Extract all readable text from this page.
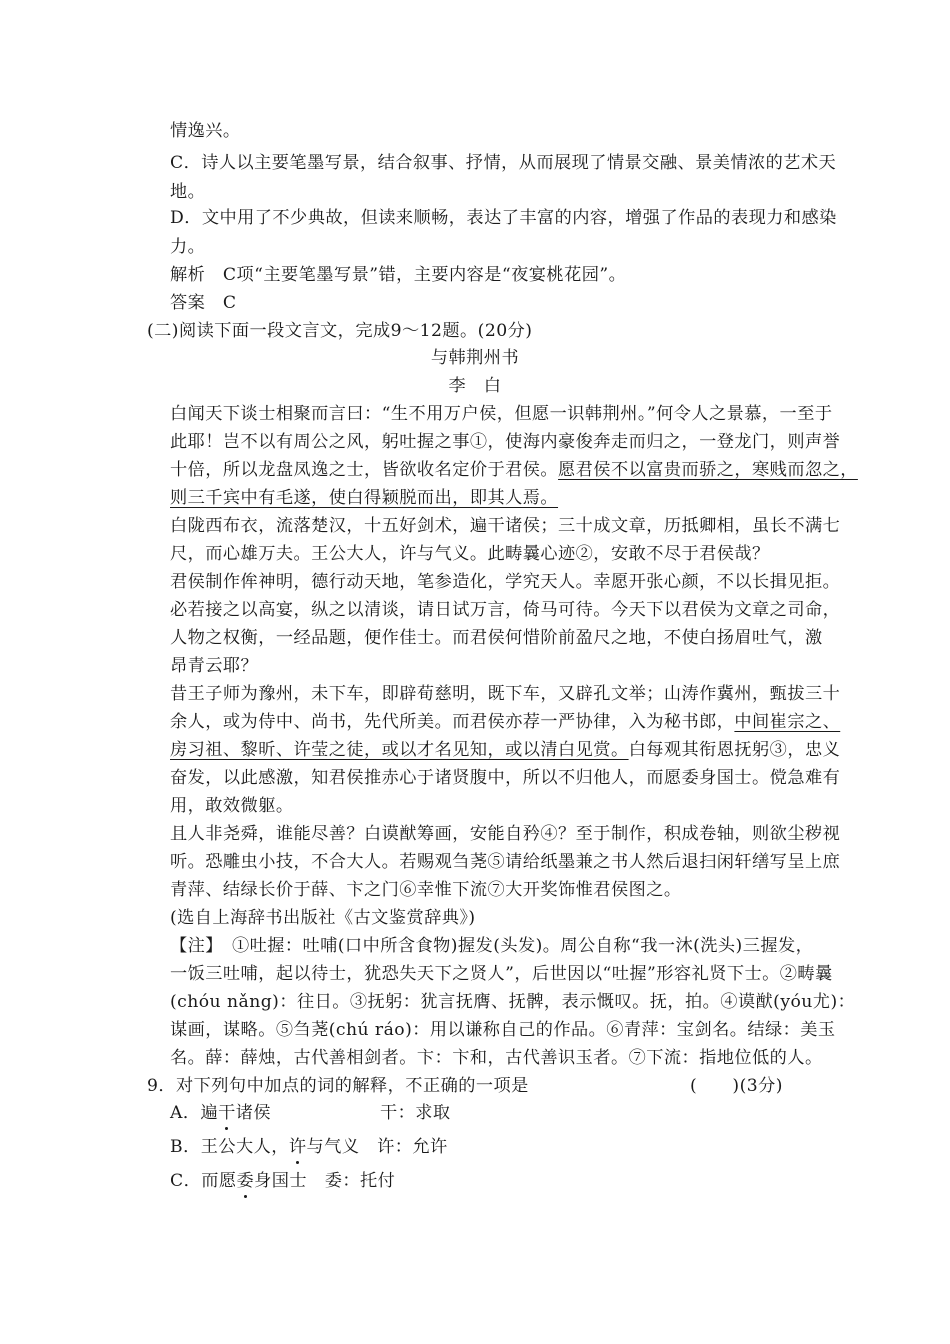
情逸兴。
C．诗人以主要笔墨写景，结合叙事、抒情，从而展现了情景交融、景美情浓的艺术天
地。
D．文中用了不少典故，但读来顺畅，表达了丰富的内容，增强了作品的表现力和感染
力。
解析　C项“主要笔墨写景”错，主要内容是“夜宴桃花园”。
答案　C
(二)阅读下面一段文言文，完成9～12题。(20分)
与韩荆州书
李　白
白闻天下谈士相聚而言曰：“生不用万户侯，但愿一识韩荆州。”何令人之景慕，一至于
此耶！岂不以有周公之风，躬吐握之事①，使海内豪俊奔走而归之，一登龙门，则声誉
十倍，所以龙盘凤逸之士，皆欲收名定价于君侯。愿君侯不以富贵而骄之，寒贱而忽之，
则三千宾中有毛遂，使白得颖脱而出，即其人焉。
白陇西布衣，流落楚汉，十五好剑术，遍干诸侯；三十成文章，历抵卿相，虽长不满七
尺，而心雄万夫。王公大人，许与气义。此畴曩心迹②，安敢不尽于君侯哉？
君侯制作侔神明，德行动天地，笔参造化，学究天人。幸愿开张心颜，不以长揖见拒。
必若接之以高宴，纵之以清谈，请日试万言，倚马可待。今天下以君侯为文章之司命，
人物之权衡，一经品题，便作佳士。而君侯何惜阶前盈尺之地，不使白扬眉吐气，激
昂青云耶？
昔王子师为豫州，未下车，即辟荀慈明，既下车，又辟孔文举；山涛作冀州，甄拔三十
余人，或为侍中、尚书，先代所美。而君侯亦荐一严协律，入为秘书郎，中间崔宗之、
房习祖、黎昕、许莹之徒，或以才名见知，或以清白见赏。白每观其衔恩抚躬③，忠义
奋发，以此感激，知君侯推赤心于诸贤腹中，所以不归他人，而愿委身国士。傥急难有
用，敢效微躯。
且人非尧舜，谁能尽善？白谟猷筹画，安能自矜④？至于制作，积成卷轴，则欲尘秽视
听。恐雕虫小技，不合大人。若赐观刍荛⑤请给纸墨兼之书人然后退扫闲轩缮写呈上庶
青萍、结绿长价于薛、卞之门⑥幸惟下流⑦大开奖饰惟君侯图之。
(选自上海辞书出版社《古文鉴赏辞典》)
【注】　①吐握：吐哺(口中所含食物)握发(头发)。周公自称“我一沐(洗头)三握发，
一饭三吐哺，起以待士，犹恐失天下之贤人”，后世因以“吐握”形容礼贤下士。②畴曩
(chóu nǎng)：往日。③抚躬：犹言抚膺、抚髀，表示慨叹。抚，拍。④谟猷(yóu尤)：
谋画，谋略。⑤刍荛(chú ráo)：用以谦称自己的作品。⑥青萍：宝剑名。结绿：美玉
名。薛：薛烛，古代善相剑者。卞：卞和，古代善识玉者。⑦下流：指地位低的人。
9．对下列句中加点的词的解释，不正确的一项是	(　　)(3分)
A．遍干诸侯	干：求取
B．王公大人，许与气义　 许：允许
C．而愿委身国士　 委：托付
